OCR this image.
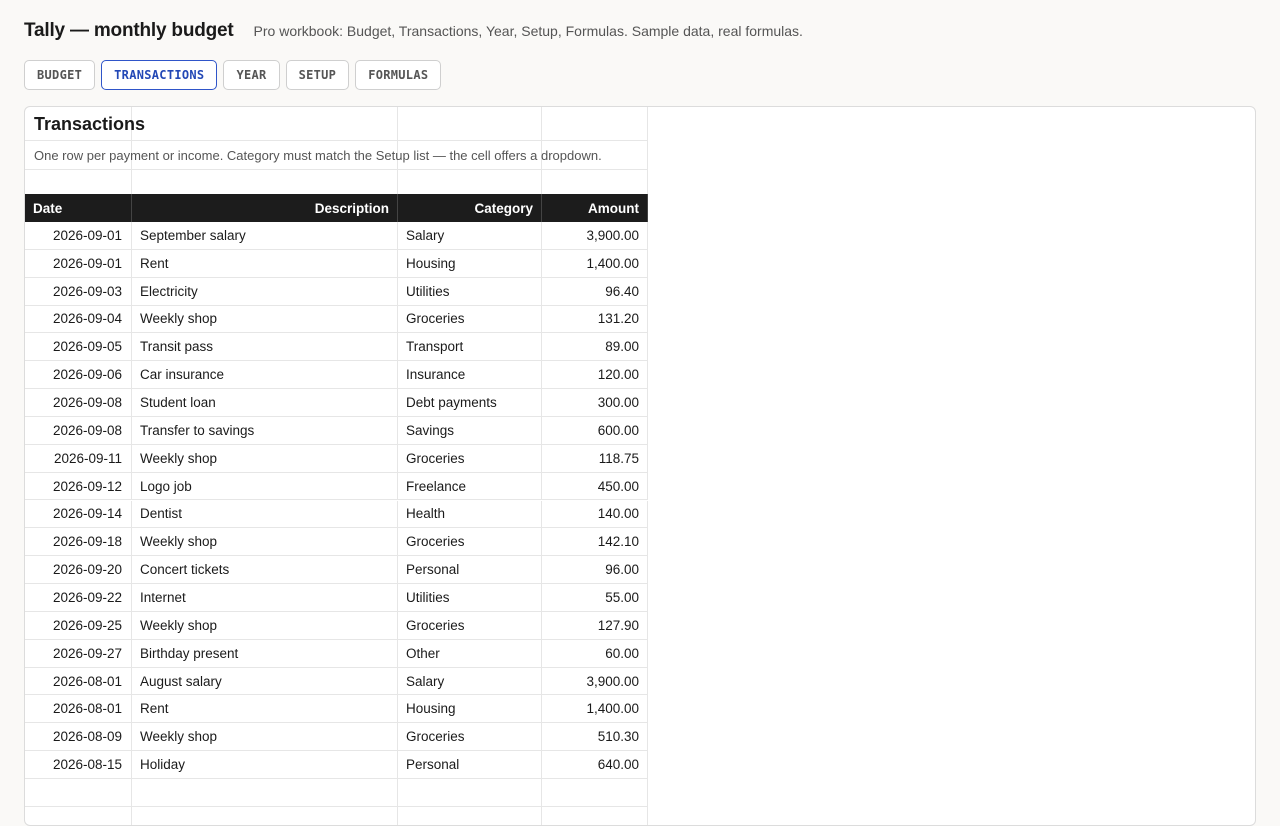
Tally — monthly budget Pro workbook: Budget, Transactions, Year, Setup, Formulas. Sample data, real formulas.
BUDGET	TRANSACTIONS	YEAR	SETUP	FORMULAS
Transactions
One row per payment or income. Category must match the Setup list — the cell offers a dropdown.
Date	Description	Category	Amount
2026-09-01	September salary	Salary	3,900.00
2026-09-01	Rent	Housing	1,400.00
2026-09-03	Electricity	Utilities	96.40
2026-09-04	Weekly shop	Groceries	131.20
2026-09-05	Transit pass	Transport	89.00
2026-09-06	Car insurance	Insurance	120.00
2026-09-08	Student loan	Debt payments	300.00
2026-09-08	Transfer to savings	Savings	600.00
2026-09-11	Weekly shop	Groceries	118.75
2026-09-12	Logo job	Freelance	450.00
2026-09-14	Dentist	Health	140.00
2026-09-18	Weekly shop	Groceries	142.10
2026-09-20	Concert tickets	Personal	96.00
2026-09-22	Internet	Utilities	55.00
2026-09-25	Weekly shop	Groceries	127.90
2026-09-27	Birthday present	Other	60.00
2026-08-01	August salary	Salary	3,900.00
2026-08-01	Rent	Housing	1,400.00
2026-08-09	Weekly shop	Groceries	510.30
2026-08-15	Holiday	Personal	640.00
